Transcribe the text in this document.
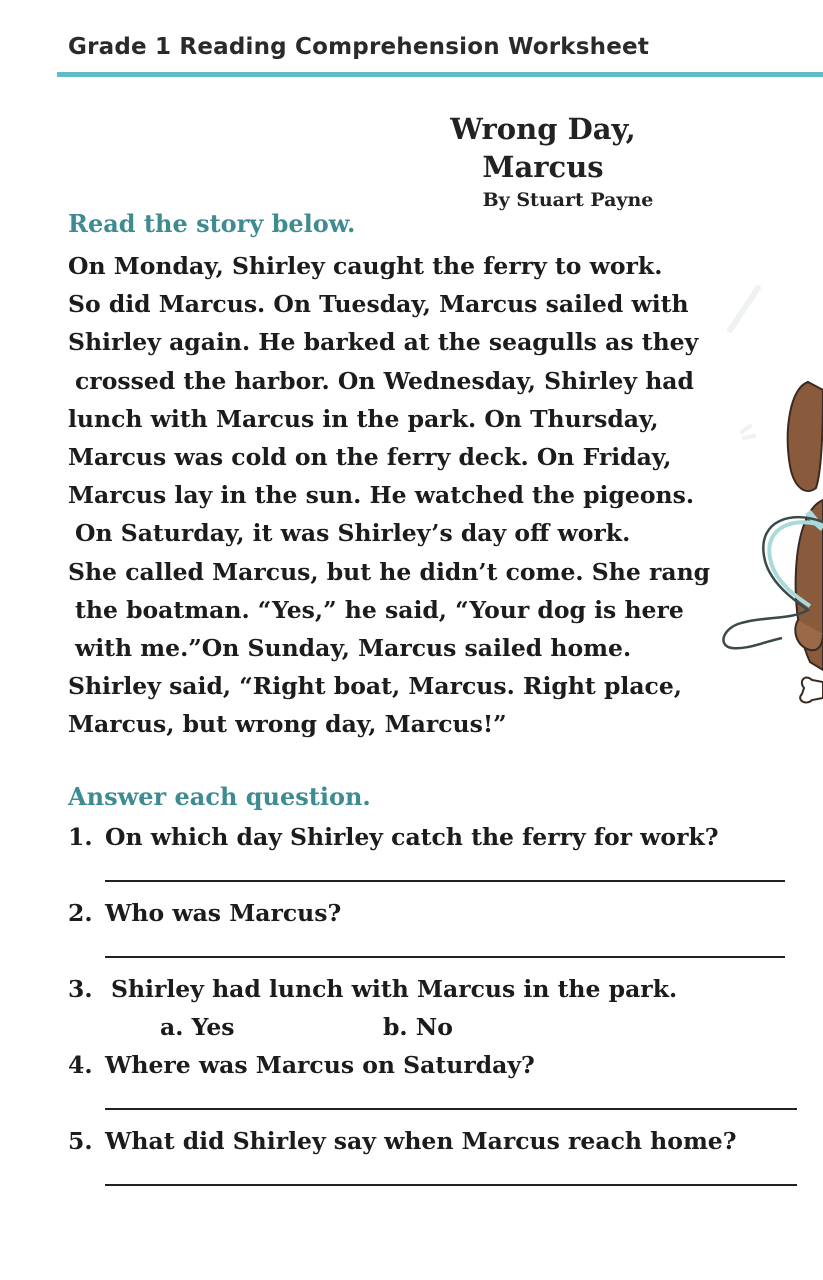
Grade 1 Reading Comprehension Worksheet
Wrong Day, Marcus
By Stuart Payne
Read the story below.
On Monday, Shirley caught the ferry to work.
So did Marcus. On Tuesday, Marcus sailed with
Shirley again. He barked at the seagulls as they
crossed the harbor. On Wednesday, Shirley had
lunch with Marcus in the park. On Thursday,
Marcus was cold on the ferry deck. On Friday,
Marcus lay in the sun. He watched the pigeons.
On Saturday, it was Shirley’s day off work.
She called Marcus, but he didn’t come. She rang
the boatman. “Yes,” he said, “Your dog is here
with me.”On Sunday, Marcus sailed home.
Shirley said, “Right boat, Marcus. Right place,
Marcus, but wrong day, Marcus!”
Answer each question.
1. On which day Shirley catch the ferry for work?
2. Who was Marcus?
3. Shirley had lunch with Marcus in the park.
a. Yes	b. No
4. Where was Marcus on Saturday?
5. What did Shirley say when Marcus reach home?
